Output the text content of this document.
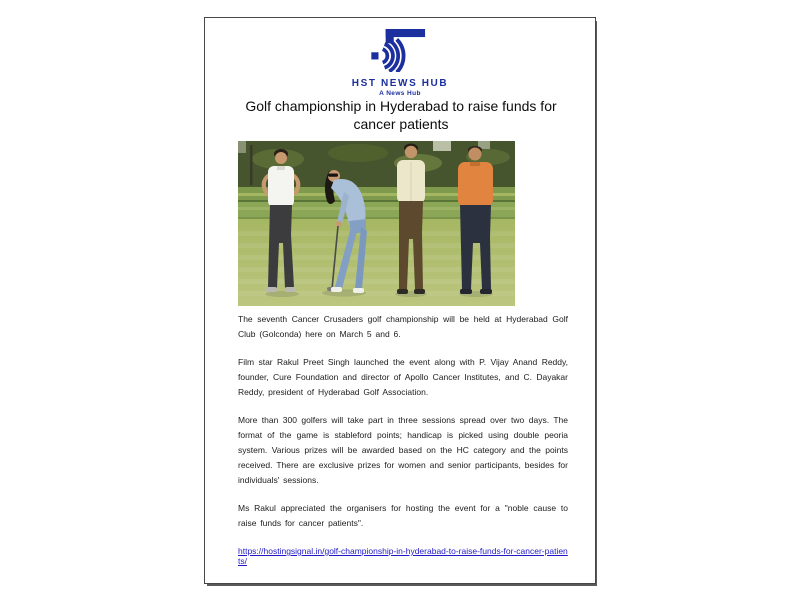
HST NEWS HUB
A News Hub
Golf championship in Hyderabad to raise funds for cancer patients

The seventh Cancer Crusaders golf championship will be held at Hyderabad Golf Club (Golconda) here on March 5 and 6.

Film star Rakul Preet Singh launched the event along with P. Vijay Anand Reddy, founder, Cure Foundation and director of Apollo Cancer Institutes, and C. Dayakar Reddy, president of Hyderabad Golf Association.

More than 300 golfers will take part in three sessions spread over two days. The format of the game is stableford points; handicap is picked using double peoria system. Various prizes will be awarded based on the HC category and the points received. There are exclusive prizes for women and senior participants, besides for individuals' sessions.

Ms Rakul appreciated the organisers for hosting the event for a "noble cause to raise funds for cancer patients".

https://hostingsignal.in/golf-championship-in-hyderabad-to-raise-funds-for-cancer-patients/
